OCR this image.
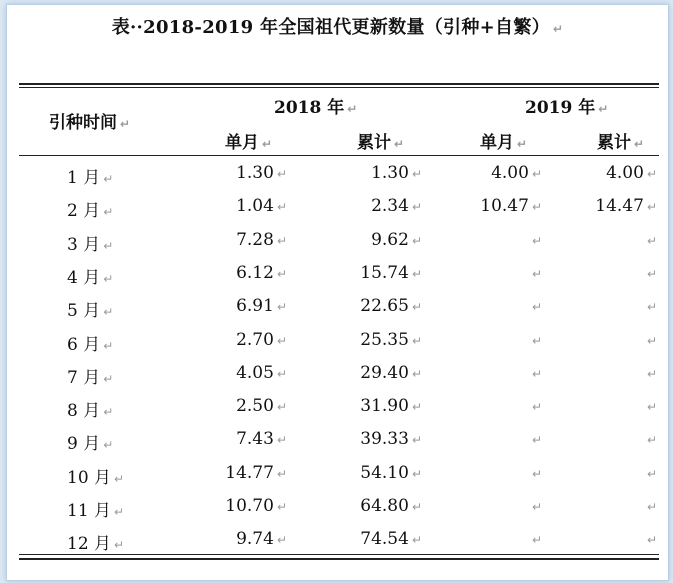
表··2018-2019 年全国祖代更新数量（引种+自繁） ↵
引种时间 ↵
2018 年 ↵	2019 年 ↵
单月 ↵	累计 ↵	单月 ↵	累计 ↵
1 月 ↵	1.30 ↵	1.30 ↵	4.00 ↵	4.00 ↵
2 月 ↵	1.04 ↵	2.34 ↵	10.47 ↵	14.47 ↵
3 月 ↵	7.28 ↵	9.62 ↵	↵	↵
4 月 ↵	6.12 ↵	15.74 ↵	↵	↵
5 月 ↵	6.91 ↵	22.65 ↵	↵	↵
6 月 ↵	2.70 ↵	25.35 ↵	↵	↵
7 月 ↵	4.05 ↵	29.40 ↵	↵	↵
8 月 ↵	2.50 ↵	31.90 ↵	↵	↵
9 月 ↵	7.43 ↵	39.33 ↵	↵	↵
10 月 ↵	14.77 ↵	54.10 ↵	↵	↵
11 月 ↵	10.70 ↵	64.80 ↵	↵	↵
12 月 ↵	9.74 ↵	74.54 ↵	↵	↵
